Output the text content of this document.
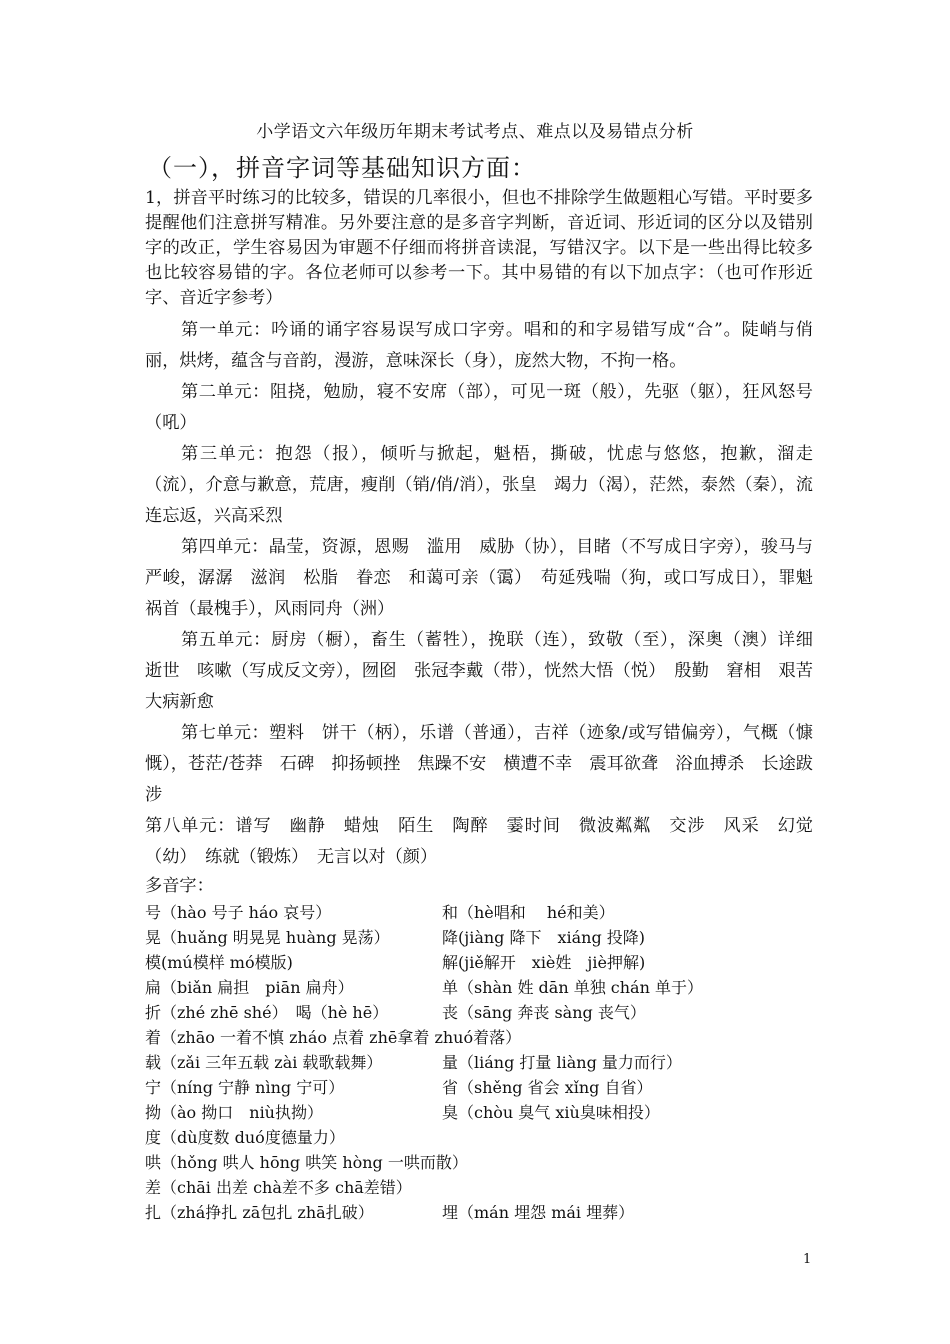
小学语文六年级历年期末考试考点、难点以及易错点分析
（一），拼音字词等基础知识方面：

1，拼音平时练习的比较多，错误的几率很小，但也不排除学生做题粗心写错。平时要多提醒他们注意拼写精准。另外要注意的是多音字判断，音近词、形近词的区分以及错别字的改正，学生容易因为审题不仔细而将拼音读混，写错汉字。以下是一些出得比较多也比较容易错的字。各位老师可以参考一下。其中易错的有以下加点字：（也可作形近字、音近字参考）

第一单元：吟诵的诵字容易误写成口字旁。唱和的和字易错写成“合”。陡峭与俏丽，烘烤，蕴含与音韵，漫游，意味深长（身），庞然大物，不拘一格。

第二单元：阻挠，勉励，寝不安席（部），可见一斑（般），先驱（躯），狂风怒号（吼）

第三单元：抱怨（报），倾听与掀起，魁梧，撕破，忧虑与悠悠，抱歉，溜走（流），介意与歉意，荒唐，瘦削（销/俏/消），张皇　竭力（渴），茫然，泰然（秦），流连忘返，兴高采烈

第四单元：晶莹，资源，恩赐　滥用　威胁（协），目睹（不写成日字旁），骏马与严峻，潺潺　滋润　松脂　眷恋　和蔼可亲（霭）　苟延残喘（狗，或口写成日），罪魁祸首（最槐手），风雨同舟（洲）

第五单元：厨房（橱），畜生（蓄牲），挽联（连），致敬（至），深奥（澳）详细　逝世　咳嗽（写成反文旁），囫囵　张冠李戴（带），恍然大悟（悦）　殷勤　窘相　艰苦　大病新愈

第七单元：塑料　饼干（柄），乐谱（普通），吉祥（迹象/或写错偏旁），气概（慷慨），苍茫/苍莽　石碑　抑扬顿挫　焦躁不安　横遭不幸　震耳欲聋　浴血搏杀　长途跋涉

第八单元：谱写　幽静　蜡烛　陌生　陶醉　霎时间　微波粼粼　交涉　风采　幻觉（幼）　练就（锻炼）　无言以对（颜）

多音字：

号（hào 号子 háo 哀号）	和（hè唱和　 hé和美）
晃（huǎng 明晃晃 huàng 晃荡）	降(jiàng 降下　xiáng 投降)
模(mú模样 mó模版)	解(jiě解开　xiè姓　jiè押解)
扁（biǎn 扁担　piān 扁舟）	单（shàn 姓 dān 单独 chán 单于）
折（zhé zhē shé）　喝（hè hē）	丧（sāng 奔丧 sàng 丧气）
着（zhāo 一着不慎 zháo 点着 zhē拿着 zhuó着落）
载（zǎi 三年五载 zài 载歌载舞）	量（liáng 打量 liàng 量力而行）
宁（níng 宁静 nìng 宁可）	省（shěng 省会 xǐng 自省）
拗（ào 拗口　niù执拗）	臭（chòu 臭气 xiù臭味相投）
度（dù度数 duó度德量力）
哄（hǒng 哄人 hōng 哄笑 hòng 一哄而散）
差（chāi 出差 chà差不多 chā差错）
扎（zhá挣扎 zā包扎 zhā扎破）	埋（mán 埋怨 mái 埋葬）
1
